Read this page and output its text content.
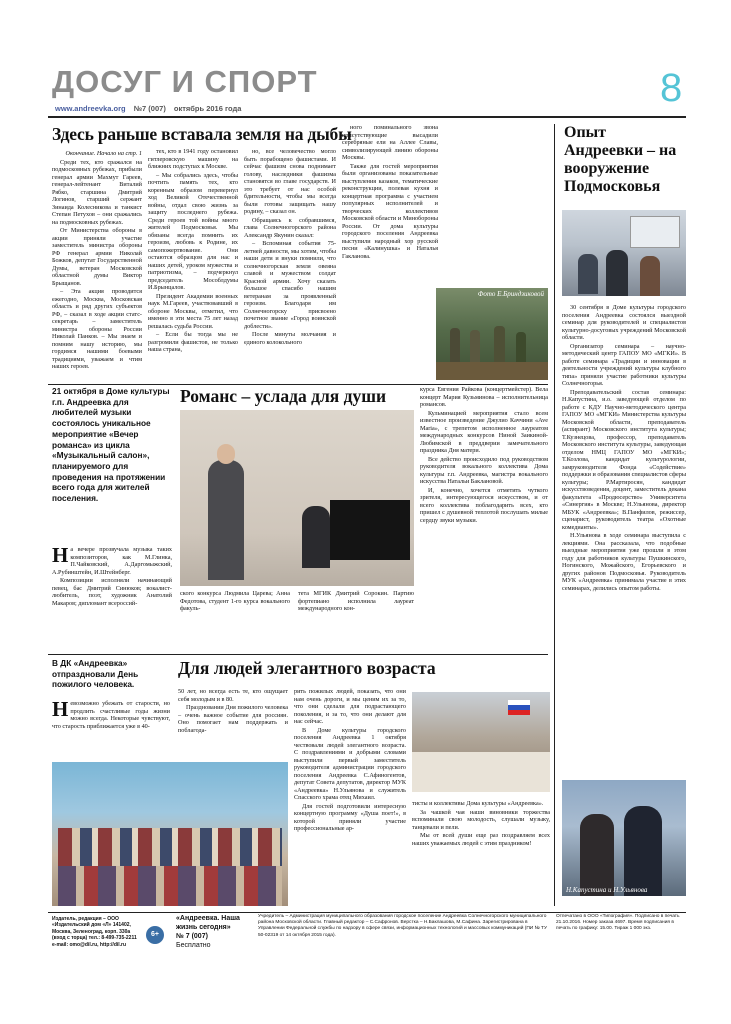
ДОСУГ И СПОРТ
www.andreevka.org №7 (007) октябрь 2016 года	8
Здесь раньше вставала земля на дыбы

Окончание. Начало на стр. 1

Среди тех, кто сражался на подмосковных рубежах, прибыли генерал армии Махмут Гареев, генерал-лейтенант Виталий Рябко, старшина Дмитрий Логинов, старший сержант Зинаида Колесникова и танкист Степан Петухов – они сражались на подмосковных рубежах.

От Министерства обороны в акции приняли участие заместитель министра обороны РФ генерал армии Николай Божков, депутат Государственной Думы, ветеран Московской областной думы Виктор Брыщанов.

– Эта акция проводится ежегодно, Москва, Московская область и ряд других субъектов РФ, – сказал в ходе акции статс-секретарь – заместитель министра обороны России Николай Панков. – Мы знаем и помним нашу историю, мы гордимся нашими боевыми традициями, уважаем и чтим наших героев.

тех, кто в 1941 году остановил гитлеровскую машину на ближних подступах к Москве.

– Мы собрались здесь, чтобы почтить память тех, кто коренным образом перевернул ход Великой Отечественной войны, отдал свою жизнь за защиту последнего рубежа. Среди героев той войны много жителей Подмосковья. Мы обязаны всегда помнить их героизм, любовь к Родине, их самопожертвование. Они остаются образцом для нас и наших детей, уроком мужества и патриотизма, – подчеркнул председатель Мособлдумы И.Брынцалов.

Президент Академии военных наук М.Гареев, участвовавший в обороне Москвы, отметил, что именно в эти места 75 лет назад решалась судьба России.

– Если бы тогда мы не разгромили фашистов, не только наша страна,

но, все человечество могло быть порабощено фашистами. И сейчас фашизм снова поднимает голову, наследники фашизма становятся во главе государств. И это требует от нас особой бдительности, чтобы мы всегда были готовы защищать нашу родину, – сказал он.

Обращаясь к собравшимся, глава Солнечногорского района Александр Якунин сказал:

– Вспоминая события 75-летней давности, мы хотим, чтобы наши дети и внуки помнили, что солнечногорская земля овеяна славой и мужеством солдат Красной армии. Хочу сказать большое спасибо нашим ветеранам за проявленный героизм. Благодаря им Солнечногорску присвоено почетное звание «Город воинской доблести».

После минуты молчания и единого колокольного

ного поминального звона присутствующие высадили серебряные ели на Аллее Славы, символизирующей линию обороны Москвы.

Также для гостей мероприятия были организованы показательные выступления казаков, тематические реконструкции, полевая кухня и концертная программа с участием популярных исполнителей и творческих коллективов Московской области и Минобороны России. От дома культуры городского поселения Андреевка выступили народный хор русской песни «Калинушка» и Наталья Гакланова.

Фото Е.Бриндзиковой
Опыт Андреевки – на вооружение Подмосковья

30 сентября в Доме культуры городского поселения Андреевка состоялся выездной семинар для руководителей и специалистов культурно-досуговых учреждений Московской области.

Организатор семинара – научно-методический центр ГАПОУ МО «МГКИ». В работе семинара «Традиции и инновации в деятельности учреждений культуры клубного типа» приняли участие работники культуры Солнечногорья.

Преподавательский состав семинара: Н.Капустина, и.о. заведующей отделом по работе с КДУ Научно-методического центра ГАПОУ МО «МГКИ» Министерства культуры Московской области, преподаватель (аспирант) Московского института культуры; Т.Кузнецова, профессор, преподаватель Московского института культуры, заведующая отделом НМЦ ГАПОУ МО «МГКИ»; Т.Козлова, кандидат культурологии, замруководителя Фонда «Содействие» поддержки и образования специалистов сферы культуры; Р.Мартиросян, кандидат искусствоведения, доцент, заместитель декана факультета «Продюсерство» Университета «Синергия» в Москве; Н.Ульянова, директор МБУК «Андреевка»; В.Панфилов, режиссер, сценарист, руководитель театра «Охотные комедианты».

Н.Ульянова в ходе семинара выступила с лекциями. Она рассказала, что подобные выездные мероприятия уже прошли в этом году для работников культуры Пушкинского, Ногинского, Можайского, Егорьевского и других районов Подмосковья. Руководитель МУК «Андреевка» принимала участие в этих семинарах, делились опытом работы.

Н.Капустина и Н.Ульянова
21 октября в Доме культуры г.п. Андреевка для любителей музыки состоялось уникальное мероприятие «Вечер романса» из цикла «Музыкальный салон», планируемого для проведения на протяжении всего года для жителей поселения.

Н а вечере прозвучала музыка таких композиторов, как М.Глинка, П.Чайковский, А.Даргомыжский, А.Рубинштейн, И.Штейнберг.

Композиции исполняли начинающий певец, бас Дмитрий Синюков; вокалист-любитель, поэт, художник Анатолий Макаров; дипломант всероссий-

Романс – услада для души

ского конкурса Людмила Царева; Анна Федотова, студент 1-го курса вокального факуль-

тета МГИК Дмитрий Сорокин. Партию фортепиано исполнила лауреат международного кон-

курса Евгения Райкова (концертмейстер). Вела концерт Мария Кузьминова – исполнительница романсов.

Кульминацией мероприятия стало всем известное произведение Джулио Каччини «Ave Maria», с трепетом исполненное лауреатом международных конкурсов Ниной Заикиной-Любимской в преддверии замечательного праздника Дня матери.

Все действо происходило под руководством руководителя вокального коллектива Дома культуры г.п. Андреевка, магистра вокального искусства Натальи Баклановой.

И, конечно, хочется отметить чуткого зрителя, интересующегося искусством, и от всего коллектива поблагодарить всех, кто пришел с душевной теплотой послушать милые сердцу звуки музыки.

В ДК «Андреевка» отпраздновали День пожилого человека.

Н евозможно убежать от старости, но продлить счастливые годы жизни можно всегда. Некоторые чувствуют, что старость приближается уже в 40-

Для людей элегантного возраста

50 лет, но всегда есть те, кто ощущает себя молодым и в 80.

Праздновании Дня пожилого человека – очень важное событие для россиян. Оно помогает нам поддержать и поблагода-

рить пожилых людей, показать, что они нам очень дороги, и мы ценим их за то, что они сделали для подрастающего поколения, и за то, что они делают для нас сейчас.

В Доме культуры городского поселения Андреевка 1 октября чествовали людей элегантного возраста. С поздравлениями и добрыми словами выступили первый заместитель руководителя администрации городского поселения Андреевка С.Афиногентов, депутат Совета депутатов, директор МУК «Андреевка» Н.Ульянова и служитель Спасского храма отец Михаил.

Для гостей подготовили интересную концертную программу «Душа поет!», в которой приняли участие профессиональные ар-

тисты и коллективы Дома культуры «Андреевка».

За чашкой чая наши виновники торжества вспоминали свою молодость, слушали музыку, танцевали и пели.

Мы от всей души еще раз поздравляем всех наших уважаемых людей с этим праздником!

Издатель, редакция – ООО «Издательский дом «Л» 141402, Москва, Зеленоград, корп. 330а (вход с торца) тел.: 8-499-735-2211 e-mail: omo@dil.ru, http://dil.ru
6+
«Андреевка. Наша жизнь сегодня»
№ 7 (007)
Бесплатно
Учредитель – Администрация муниципального образования городское поселение Андреевка Солнечногорского муниципального района Московской области. Главный редактор – С.Сафронов. Верстка – Н.Баклашова, М.Сафина. Зарегистрирована в Управлении Федеральной службы по надзору в сфере связи, информационных технологий и массовых коммуникаций (ПИ № ТУ 50-02319 от 14 октября 2015 года).
Отпечатано в ООО «Типография». Подписано в печать 21.10.2016. Номер заказа 4697. Время подписания в печать по графику: 15.00. Тираж 1 000 экз.
